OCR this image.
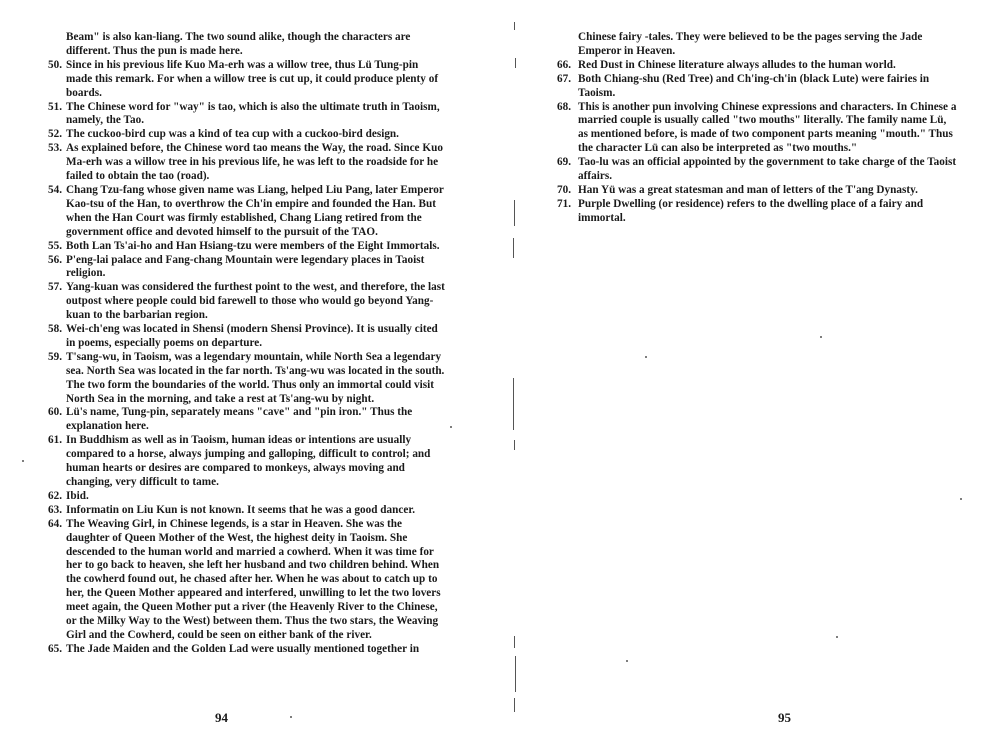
Beam" is also kan-liang. The two sound alike, though the characters are different. Thus the pun is made here.
50. Since in his previous life Kuo Ma-erh was a willow tree, thus Lü Tung-pin made this remark. For when a willow tree is cut up, it could produce plenty of boards.
51. The Chinese word for "way" is tao, which is also the ultimate truth in Taoism, namely, the Tao.
52. The cuckoo-bird cup was a kind of tea cup with a cuckoo-bird design.
53. As explained before, the Chinese word tao means the Way, the road. Since Kuo Ma-erh was a willow tree in his previous life, he was left to the roadside for he failed to obtain the tao (road).
54. Chang Tzu-fang whose given name was Liang, helped Liu Pang, later Emperor Kao-tsu of the Han, to overthrow the Ch'in empire and founded the Han. But when the Han Court was firmly established, Chang Liang retired from the government office and devoted himself to the pursuit of the TAO.
55. Both Lan Ts'ai-ho and Han Hsiang-tzu were members of the Eight Immortals.
56. P'eng-lai palace and Fang-chang Mountain were legendary places in Taoist religion.
57. Yang-kuan was considered the furthest point to the west, and therefore, the last outpost where people could bid farewell to those who would go beyond Yang-kuan to the barbarian region.
58. Wei-ch'eng was located in Shensi (modern Shensi Province). It is usually cited in poems, especially poems on departure.
59. T'sang-wu, in Taoism, was a legendary mountain, while North Sea a legendary sea. North Sea was located in the far north. Ts'ang-wu was located in the south. The two form the boundaries of the world. Thus only an immortal could visit North Sea in the morning, and take a rest at Ts'ang-wu by night.
60. Lü's name, Tung-pin, separately means "cave" and "pin iron." Thus the explanation here.
61. In Buddhism as well as in Taoism, human ideas or intentions are usually compared to a horse, always jumping and galloping, difficult to control; and human hearts or desires are compared to monkeys, always moving and changing, very difficult to tame.
62. Ibid.
63. Informatin on Liu Kun is not known. It seems that he was a good dancer.
64. The Weaving Girl, in Chinese legends, is a star in Heaven. She was the daughter of Queen Mother of the West, the highest deity in Taoism. She descended to the human world and married a cowherd. When it was time for her to go back to heaven, she left her husband and two children behind. When the cowherd found out, he chased after her. When he was about to catch up to her, the Queen Mother appeared and interfered, unwilling to let the two lovers meet again, the Queen Mother put a river (the Heavenly River to the Chinese, or the Milky Way to the West) between them. Thus the two stars, the Weaving Girl and the Cowherd, could be seen on either bank of the river.
65. The Jade Maiden and the Golden Lad were usually mentioned together in
94
Chinese fairy -tales. They were believed to be the pages serving the Jade Emperor in Heaven.
66. Red Dust in Chinese literature always alludes to the human world.
67. Both Chiang-shu (Red Tree) and Ch'ing-ch'in (black Lute) were fairies in Taoism.
68. This is another pun involving Chinese expressions and characters. In Chinese a married couple is usually called "two mouths" literally. The family name Lü, as mentioned before, is made of two component parts meaning "mouth." Thus the character Lü can also be interpreted as "two mouths."
69. Tao-lu was an official appointed by the government to take charge of the Taoist affairs.
70. Han Yü was a great statesman and man of letters of the T'ang Dynasty.
71. Purple Dwelling (or residence) refers to the dwelling place of a fairy and immortal.
95
